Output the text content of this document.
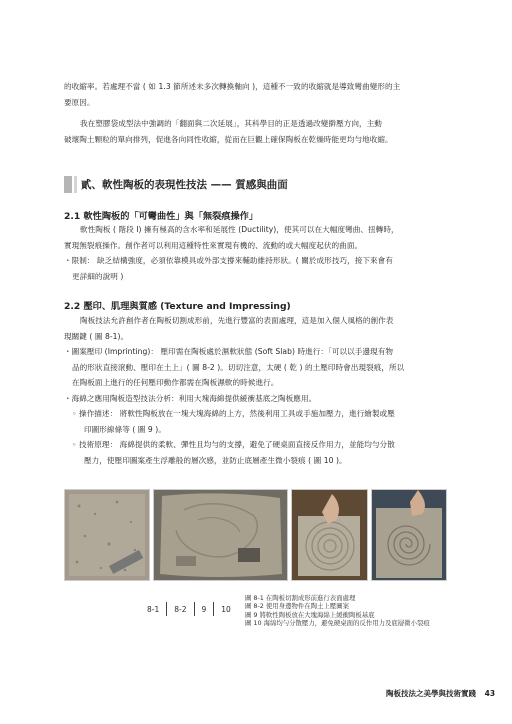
的收縮率。若處理不當 ( 如 1.3 節所述未多次轉換軸向 )，這種不一致的收縮就是導致彎曲變形的主
要原因。
我在塑膠袋成型法中強調的「翻面與二次延展」，其科學目的正是透過改變擀壓方向，主動
破壞陶土顆粒的單向排列，促進各向同性收縮，從而在巨觀上確保陶板在乾燥時能更均勻地收縮。
貳、軟性陶板的表現性技法 —— 質感與曲面
2.1 軟性陶板的「可彎曲性」與「無裂痕操作」
軟性陶板 ( 階段 I) 擁有極高的含水率和延展性 (Ductility)，使其可以在大幅度彎曲、扭轉時，
實現無裂痕操作。創作者可以利用這種特性來實現有機的、流動的或大幅度起伏的曲面。
・限制： 缺乏結構強度，必須依靠模具或外部支撐來輔助維持形狀。( 關於成形技巧，接下來會有
更詳細的說明 )
2.2 壓印、肌理與質感 (Texture and Impressing)
陶板技法允許創作者在陶板切割成形前，先進行豐富的表面處理，這是加入個人風格的創作表
現關鍵 ( 圖 8-1)。
・圖案壓印 (Imprinting)： 壓印需在陶板處於濕軟狀態 (Soft Slab) 時進行：「可以以手邊現有物
品的形狀直接滾動、壓印在土上」( 圖 8-2 )。切切注意，太硬 ( 乾 ) 的土壓印時會出現裂痕，所以
在陶板面上進行的任何壓印動作都需在陶板濕軟的時候進行。
・海綿之應用陶板造型技法分析：利用大塊海綿提供緩衝基底之陶板應用。
◦ 操作描述： 將軟性陶板放在一塊大塊海綿的上方，然後利用工具或手施加壓力，進行繪製或壓
印圖形線條等 ( 圖 9 )。
◦ 技術原理： 海綿提供的柔軟、彈性且均勻的支撐，避免了硬桌面直接反作用力，並能均勻分散
壓力，使壓印圖案產生浮雕般的層次感，並防止底層產生微小裂痕 ( 圖 10 )。
8-1	8-2	9	10
圖 8-1 在陶板切割成形前進行表面處理
圖 8-2 使用身邊物件在陶土上壓圖案
圖 9 將軟性陶板放在大塊海綿上緩衝陶板基底
圖 10 海綿均勻分散壓力，避免硬桌面的反作用力及底層微小裂痕
陶板技法之美學與技術實踐 43
